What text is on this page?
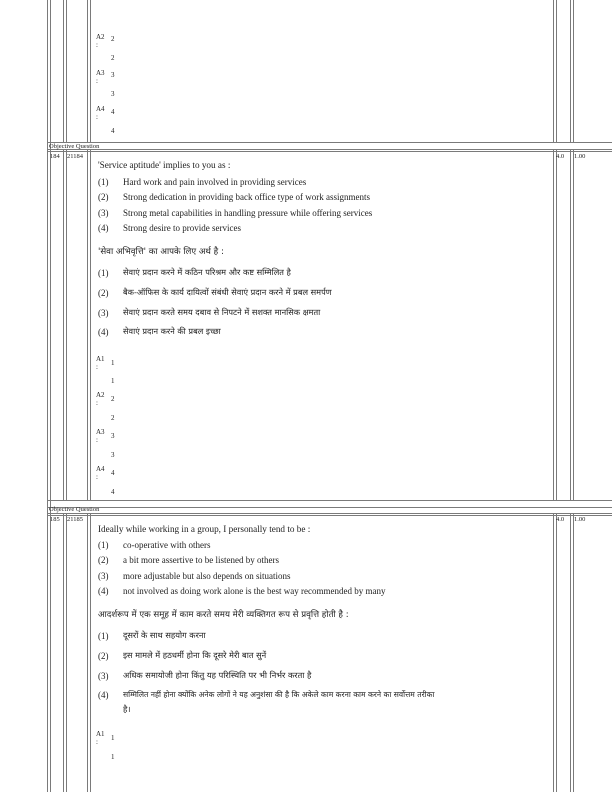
A2 2
:
2
A3 3
:
3
A4 4
:
4
Objective Question
184 21184	4.0 1.00
'Service aptitude' implies to you as :
(1) Hard work and pain involved in providing services
(2) Strong dedication in providing back office type of work assignments
(3) Strong metal capabilities in handling pressure while offering services
(4) Strong desire to provide services
'सेवा अभिवृत्ति' का आपके लिए अर्थ है :
(1) सेवाएं प्रदान करने में कठिन परिश्रम और कष्ट सम्मिलित है
(2) बैक-ऑफिस के कार्य दायित्वों संबंधी सेवाएं प्रदान करने में प्रबल समर्पण
(3) सेवाएं प्रदान करते समय दबाव से निपटने में सशक्त मानसिक क्षमता
(4) सेवाएं प्रदान करने की प्रबल इच्छा
A1 1
:
1
A2 2
:
2
A3 3
:
3
A4 4
:
4
Objective Question
185 21185	4.0 1.00
Ideally while working in a group, I personally tend to be :
(1) co-operative with others
(2) a bit more assertive to be listened by others
(3) more adjustable but also depends on situations
(4) not involved as doing work alone is the best way recommended by many
आदर्शरूप में एक समूह में काम करते समय मेरी व्यक्तिगत रूप से प्रवृत्ति होती है :
(1) दूसरों के साथ सहयोग करना
(2) इस मामले में हठधर्मी होना कि दूसरे मेरी बात सुनें
(3) अधिक समायोजी होना किंतु यह परिस्थिति पर भी निर्भर करता है
(4) सम्मिलित नहीं होना क्योंकि अनेक लोगों ने यह अनुशंसा की है कि अकेले काम करना काम करने का सर्वोत्तम तरीका
है।
A1 1
:
1
